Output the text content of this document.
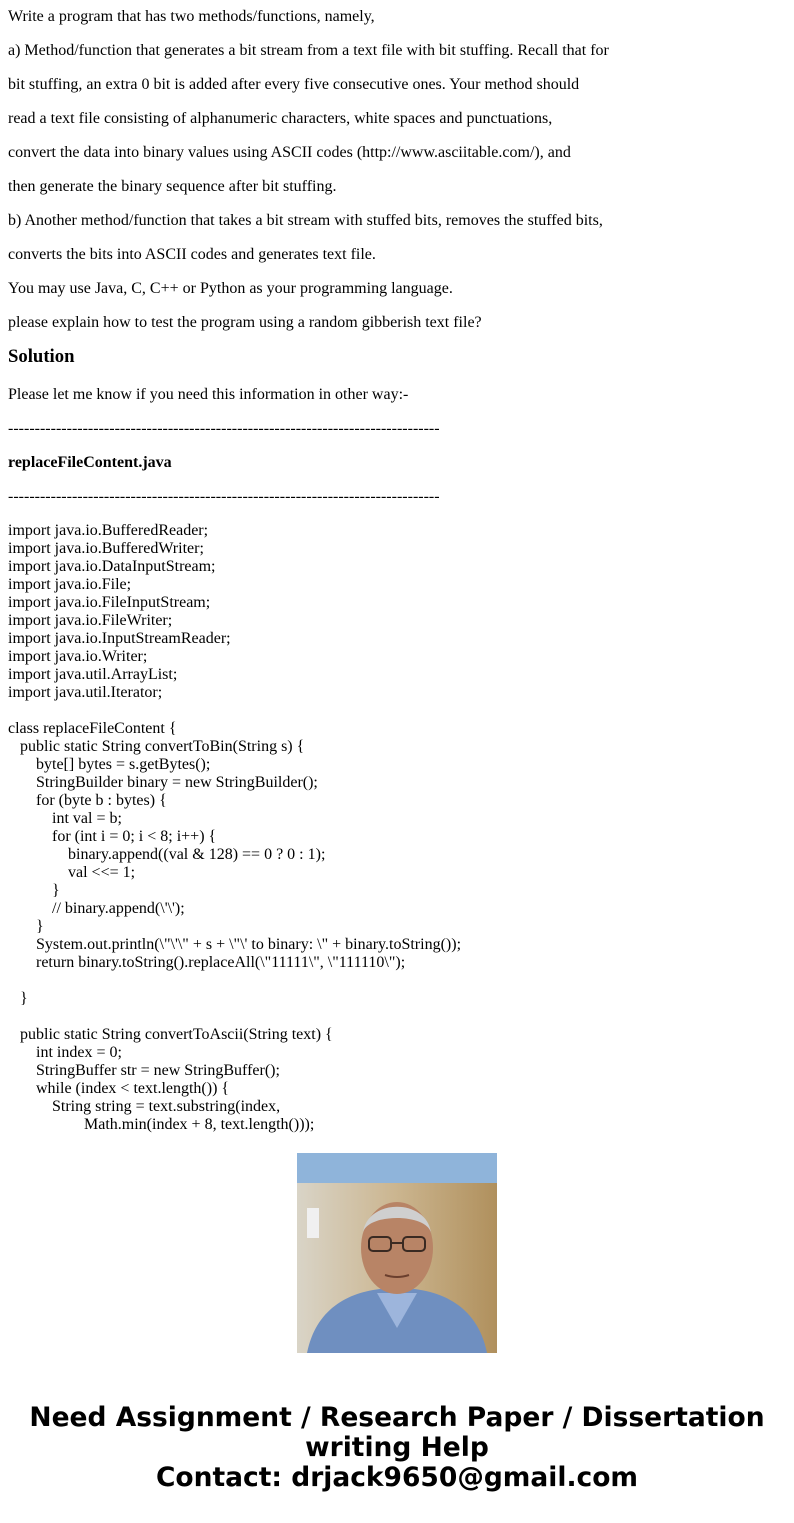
Write a program that has two methods/functions, namely,

a) Method/function that generates a bit stream from a text file with bit stuffing. Recall that for

bit stuffing, an extra 0 bit is added after every five consecutive ones. Your method should

read a text file consisting of alphanumeric characters, white spaces and punctuations,

convert the data into binary values using ASCII codes (http://www.asciitable.com/), and

then generate the binary sequence after bit stuffing.

b) Another method/function that takes a bit stream with stuffed bits, removes the stuffed bits,

converts the bits into ASCII codes and generates text file.

You may use Java, C, C++ or Python as your programming language.

please explain how to test the program using a random gibberish text file?

Solution

Please let me know if you need this information in other way:-

---------------------------------------------------------------------------------

replaceFileContent.java

---------------------------------------------------------------------------------

import java.io.BufferedReader;
import java.io.BufferedWriter;
import java.io.DataInputStream;
import java.io.File;
import java.io.FileInputStream;
import java.io.FileWriter;
import java.io.InputStreamReader;
import java.io.Writer;
import java.util.ArrayList;
import java.util.Iterator;
class replaceFileContent {
public static String convertToBin(String s) {
byte[] bytes = s.getBytes();
StringBuilder binary = new StringBuilder();
for (byte b : bytes) {
int val = b;
for (int i = 0; i < 8; i++) {
binary.append((val & 128) == 0 ? 0 : 1);
val <<= 1;
}
// binary.append(\'\');
}
System.out.println(\"\'\" + s + \"\' to binary: \" + binary.toString());
return binary.toString().replaceAll(\"11111\", \"111110\");
}
public static String convertToAscii(String text) {
int index = 0;
StringBuffer str = new StringBuffer();
while (index < text.length()) {
String string = text.substring(index,
Math.min(index + 8, text.length()));
Need Assignment / Research Paper / Dissertation
writing Help
Contact: drjack9650@gmail.com
